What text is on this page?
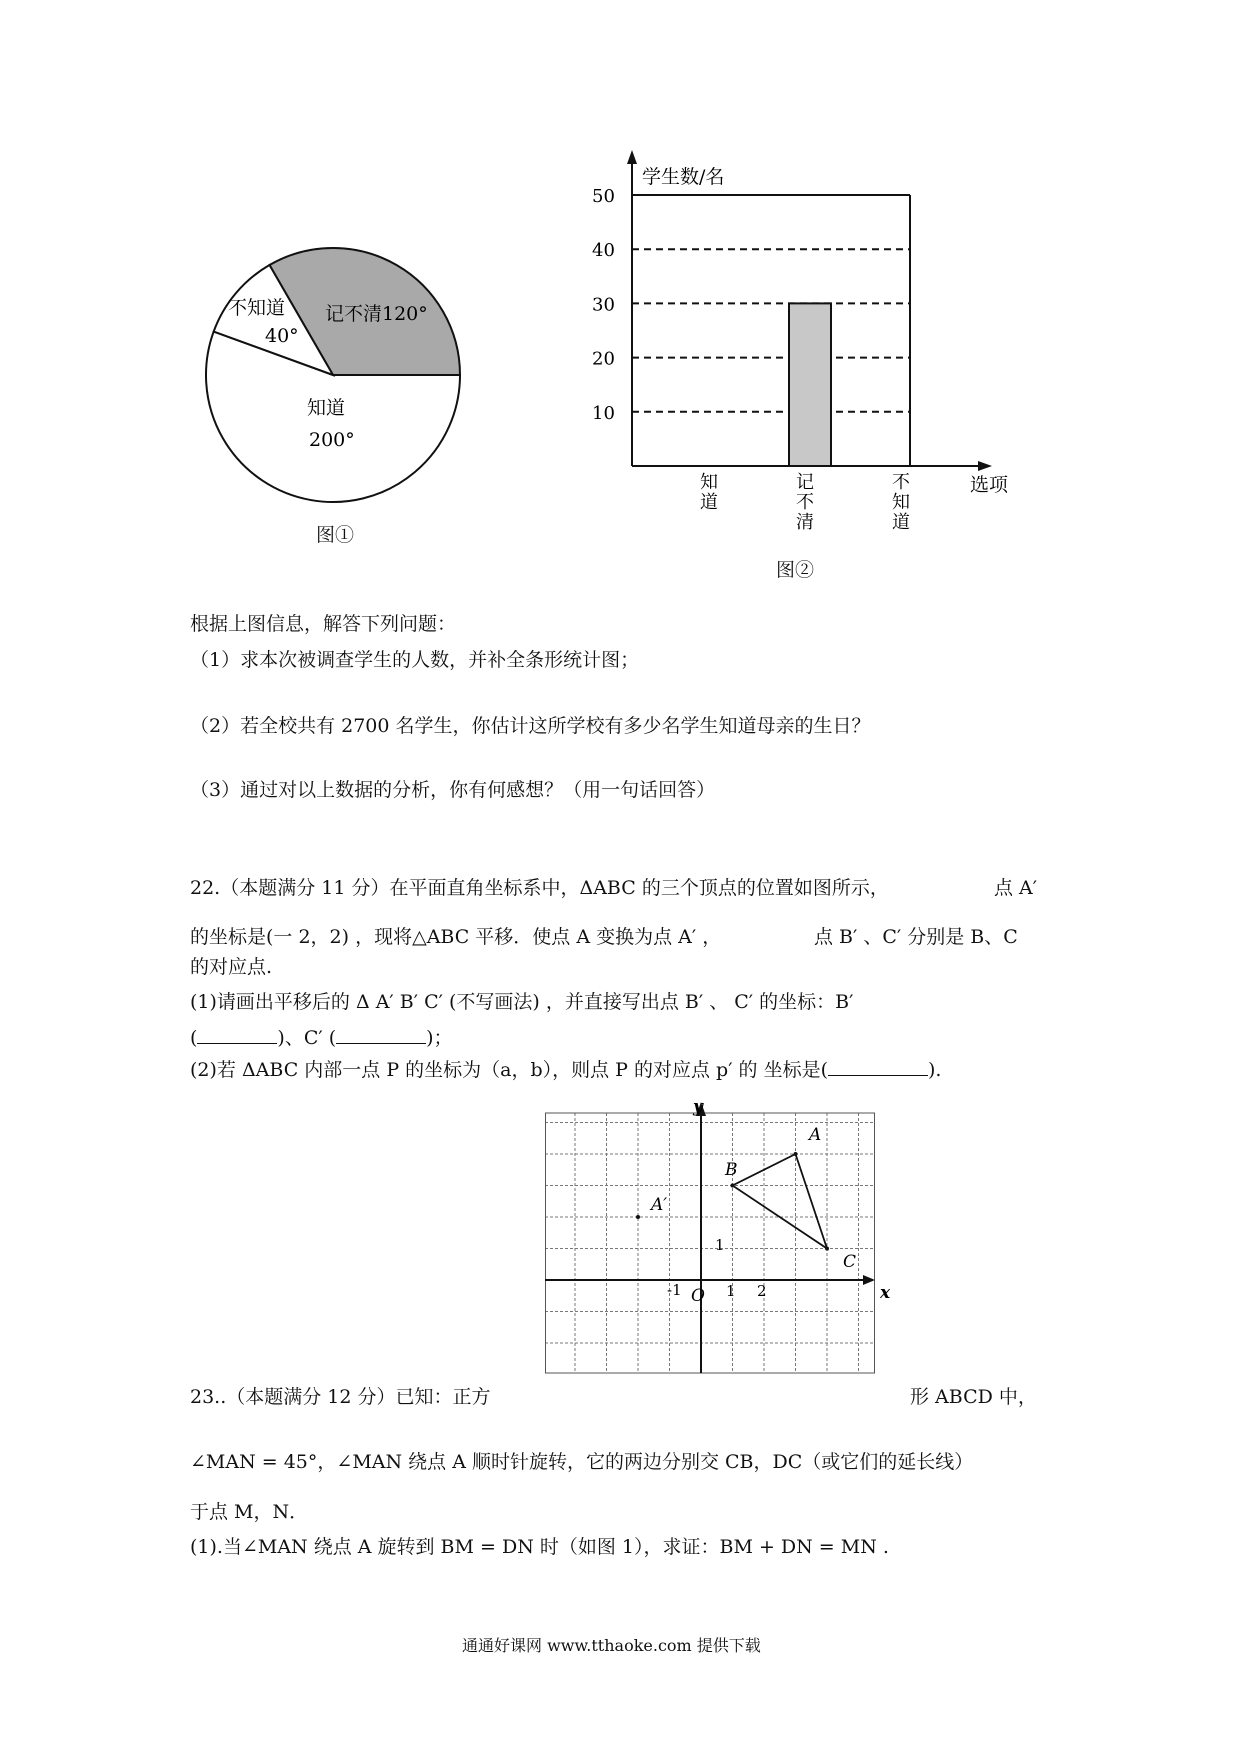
记不清 120°
不知道
40°
知道
200°
图①
学生数/名
选项
10
20
30
40
50
知道
记不清
不知道
图②
根据上图信息，解答下列问题：
（1）求本次被调查学生的人数，并补全条形统计图；
（2）若全校共有 2700 名学生，你估计这所学校有多少名学生知道母亲的生日？
（3）通过对以上数据的分析，你有何感想？（用一句话回答）
22.（本题满分 11 分）在平面直角坐标系中，ΔABC 的三个顶点的位置如图所示，	点 A′
的坐标是(一 2，2) ，现将△ABC 平移．使点 A 变换为点 A′ ，	点 B′ 、C′ 分别是 B、C
的对应点.
(1)请画出平移后的 Δ A′ B′ C′ (不写画法) ，并直接写出点 B′ 、 C′ 的坐标：B′
(	)、C′ (	)；
(2)若 ΔABC 内部一点 P 的坐标为（a，b），则点 P 的对应点 p′ 的 坐标是(	).
y
x
O
-1	1 2
1
A
B
C
A′
23..（本题满分 12 分）已知：正方	形 ABCD 中，
∠MAN = 45°，∠MAN 绕点 A 顺时针旋转，它的两边分别交 CB，DC（或它们的延长线）
于点 M，N．
(1).当∠MAN 绕点 A 旋转到 BM = DN 时（如图 1），求证：BM + DN = MN .
通通好课网 www.tthaoke.com 提供下载
